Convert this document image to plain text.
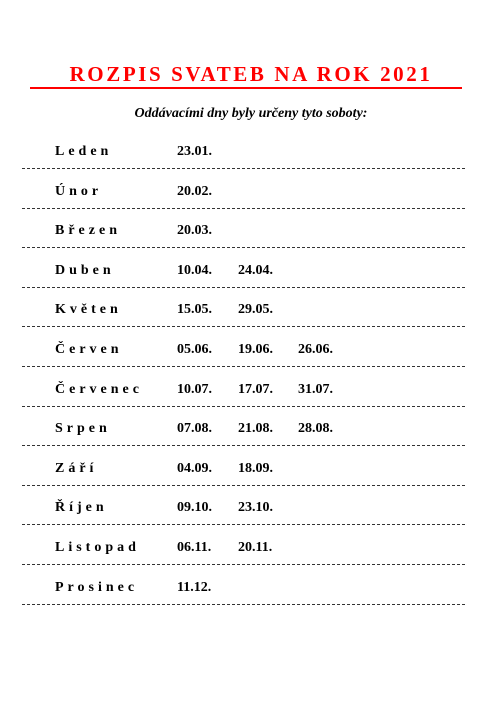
ROZPIS SVATEB NA ROK 2021
Oddávacími dny byly určeny tyto soboty:
Leden	23.01.
Únor	20.02.
Březen	20.03.
Duben	10.04. 24.04.
Květen	15.05. 29.05.
Červen	05.06. 19.06. 26.06.
Červenec 10.07. 17.07. 31.07.
Srpen	07.08. 21.08. 28.08.
Září	04.09. 18.09.
Říjen	09.10. 23.10.
Listopad	06.11. 20.11.
Prosinec	11.12.
